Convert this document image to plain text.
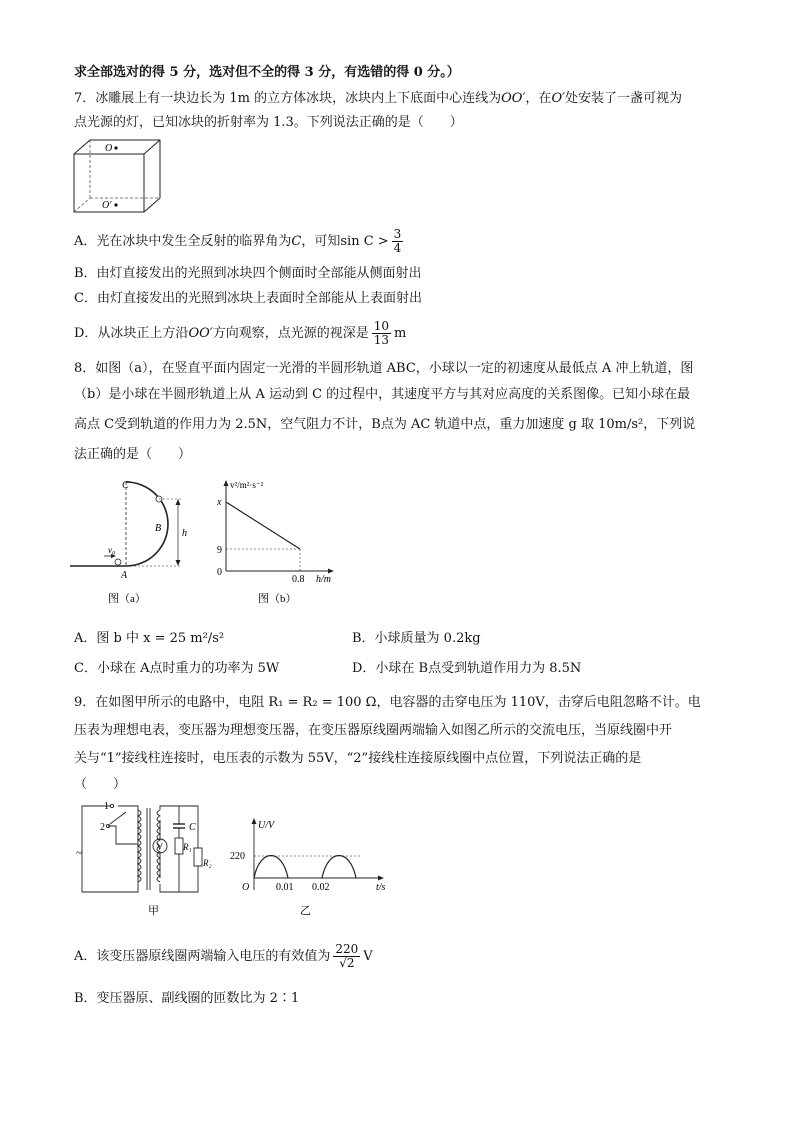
求全部选对的得 5 分，选对但不全的得 3 分，有选错的得 0 分。）
7．冰雕展上有一块边长为 1m 的立方体冰块，冰块内上下底面中心连线为OO′，在O′处安装了一盏可视为
点光源的灯，已知冰块的折射率为 1.3。下列说法正确的是（　　）
O
O′
A．光在冰块中发生全反射的临界角为C，可知$\sin C > \frac{3}{4}$
B．由灯直接发出的光照到冰块四个侧面时全部能从侧面射出
C．由灯直接发出的光照到冰块上表面时全部能从上表面射出
D．从冰块正上方沿OO′方向观察，点光源的视深是 $\frac{10}{13}$ m
8．如图（a），在竖直平面内固定一光滑的半圆形轨道 ABC，小球以一定的初速度从最低点 A 冲上轨道，图
（b）是小球在半圆形轨道上从 A 运动到 C 的过程中，其速度平方与其对应高度的关系图像。已知小球在最
高点 C受到轨道的作用力为 2.5N，空气阻力不计，B点为 AC 轨道中点，重力加速度 g 取 10m/s²，下列说
法正确的是（　　）
C
B h
v₀
A
图（a）
v²/m²·s⁻²
x
9
0
0.8 h/m
图（b）
A．图 b 中 x = 25 m²/s²	B．小球质量为 0.2kg
C．小球在 A点时重力的功率为 5W	D．小球在 B点受到轨道作用力为 8.5N
9．在如图甲所示的电路中，电阻 R₁ = R₂ = 100 Ω，电容器的击穿电压为 110V，击穿后电阻忽略不计。电
压表为理想电表，变压器为理想变压器，在变压器原线圈两端输入如图乙所示的交流电压，当原线圈中开
关与“1”接线柱连接时，电压表的示数为 55V，“2”接线柱连接原线圈中点位置，下列说法正确的是
（　　）
1
2
~	V
C
R₁
R₂
甲
U/V
220
O	0.01 0.02	t/s
乙
A．该变压器原线圈两端输入电压的有效值为 $\frac{220}{√2}$ V
B．变压器原、副线圈的匝数比为 2∶1
